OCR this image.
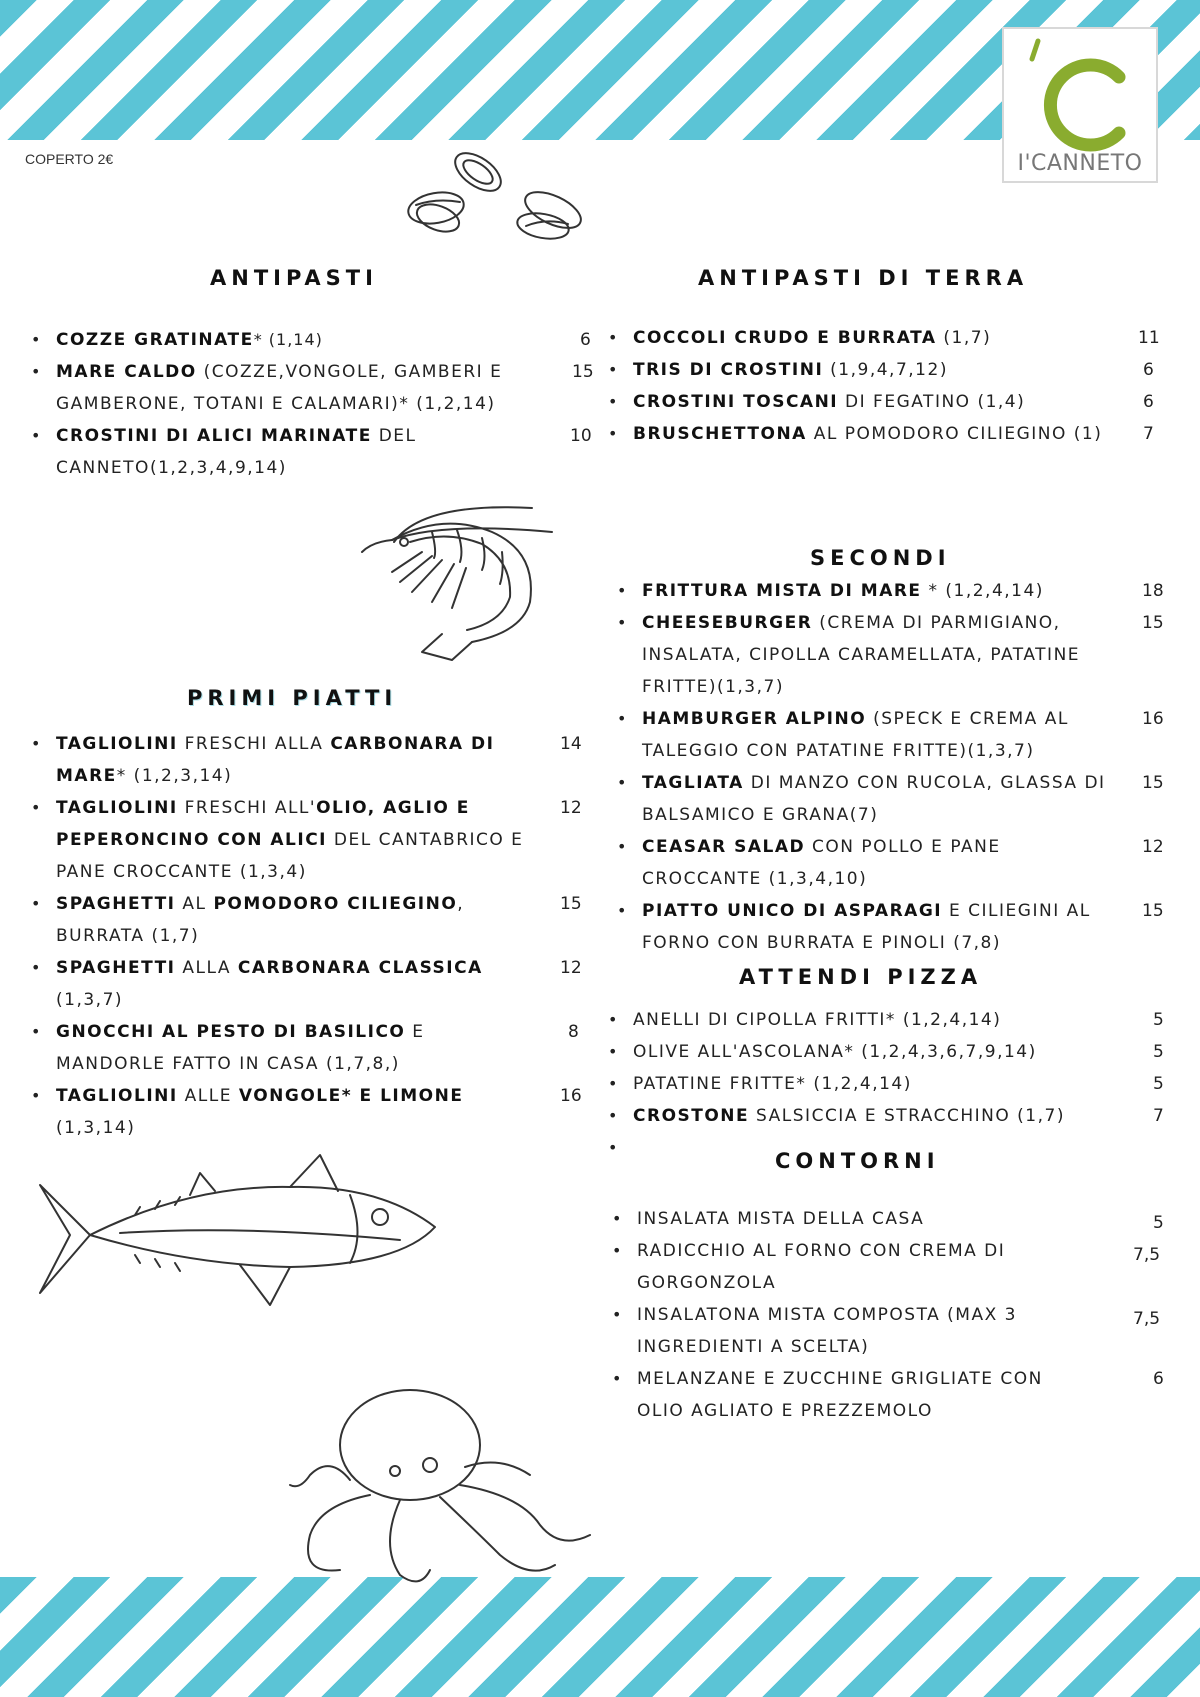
I'CANNETO
COPERTO 2€
ANTIPASTI
• COZZE GRATINATE* (1,14)	6
• MARE CALDO (COZZE,VONGOLE, GAMBERI E GAMBERONE, TOTANI E CALAMARI)* (1,2,14)
15
• CROSTINI DI ALICI MARINATE DEL CANNETO(1,2,3,4,9,14)
10
ANTIPASTI DI TERRA
• COCCOLI CRUDO E BURRATA (1,7)	11
• TRIS DI CROSTINI (1,9,4,7,12)	6
• CROSTINI TOSCANI DI FEGATINO (1,4)	6
• BRUSCHETTONA AL POMODORO CILIEGINO (1) 7
PRIMI PIATTI
• TAGLIOLINI FRESCHI ALLA CARBONARA DI MARE* (1,2,3,14)
14
• TAGLIOLINI FRESCHI ALL'OLIO, AGLIO E PEPERONCINO CON ALICI DEL CANTABRICO E PANE CROCCANTE (1,3,4)
12
• SPAGHETTI AL POMODORO CILIEGINO, BURRATA (1,7)
15
• SPAGHETTI ALLA CARBONARA CLASSICA (1,3,7)
12
• GNOCCHI AL PESTO DI BASILICO E MANDORLE FATTO IN CASA (1,7,8,)
8
• TAGLIOLINI ALLE VONGOLE* E LIMONE (1,3,14)
16
SECONDI
• FRITTURA MISTA DI MARE * (1,2,4,14)	18
• CHEESEBURGER (CREMA DI PARMIGIANO, INSALATA, CIPOLLA CARAMELLATA, PATATINE FRITTE)(1,3,7)
15
• HAMBURGER ALPINO (SPECK E CREMA AL TALEGGIO CON PATATINE FRITTE)(1,3,7)
16
• TAGLIATA DI MANZO CON RUCOLA, GLASSA DI BALSAMICO E GRANA(7)
15
• CEASAR SALAD CON POLLO E PANE CROCCANTE (1,3,4,10)
12
• PIATTO UNICO DI ASPARAGI E CILIEGINI AL FORNO CON BURRATA E PINOLI (7,8)
15
ATTENDI PIZZA
• ANELLI DI CIPOLLA FRITTI* (1,2,4,14)	5
• OLIVE ALL'ASCOLANA* (1,2,4,3,6,7,9,14)	5
• PATATINE FRITTE* (1,2,4,14)	5
• CROSTONE SALSICCIA E STRACCHINO (1,7)	7
•
CONTORNI
• INSALATA MISTA DELLA CASA	5
• RADICCHIO AL FORNO CON CREMA DI GORGONZOLA
7,5
• INSALATONA MISTA COMPOSTA (MAX 3 INGREDIENTI A SCELTA)
7,5
• MELANZANE E ZUCCHINE GRIGLIATE CON OLIO AGLIATO E PREZZEMOLO
6
